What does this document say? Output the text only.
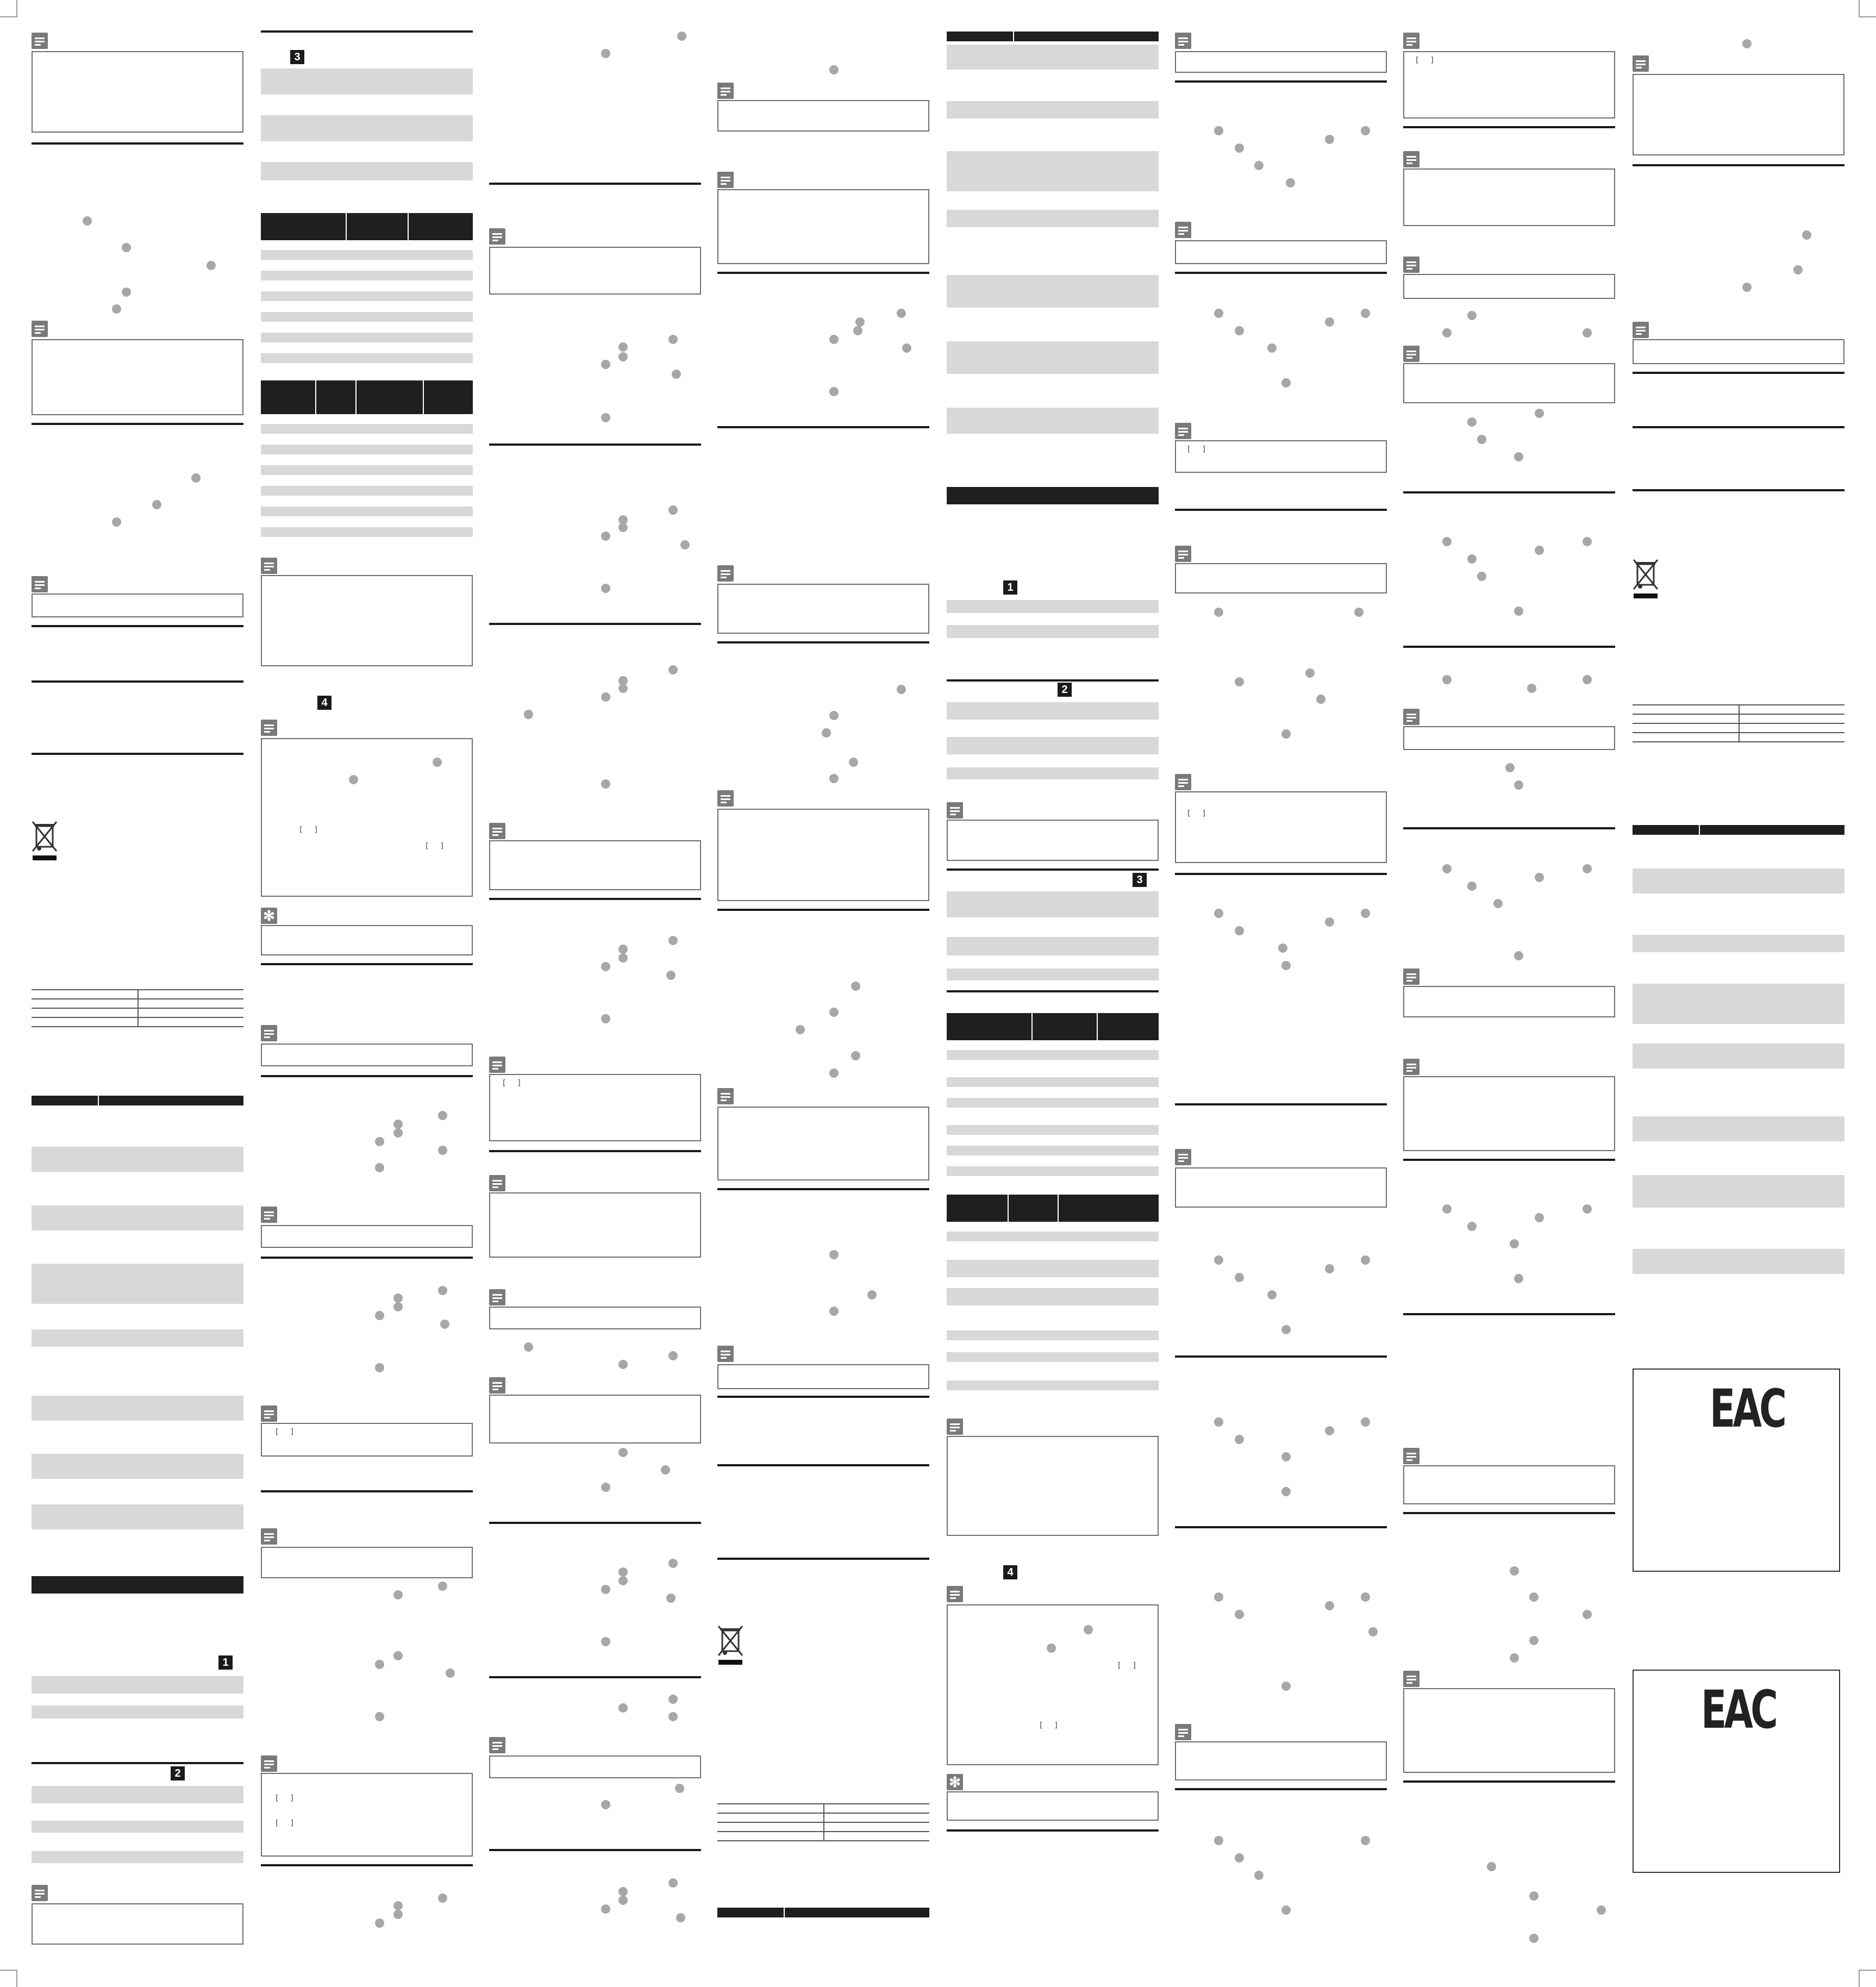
1
2
3
4
[  ]
[  ]
✻
[  ]
[  ]
[  ]
[  ]
1
2
3
4
[  ]
[  ]
✻
[  ]
[  ]
[  ]
EAC
EAC
